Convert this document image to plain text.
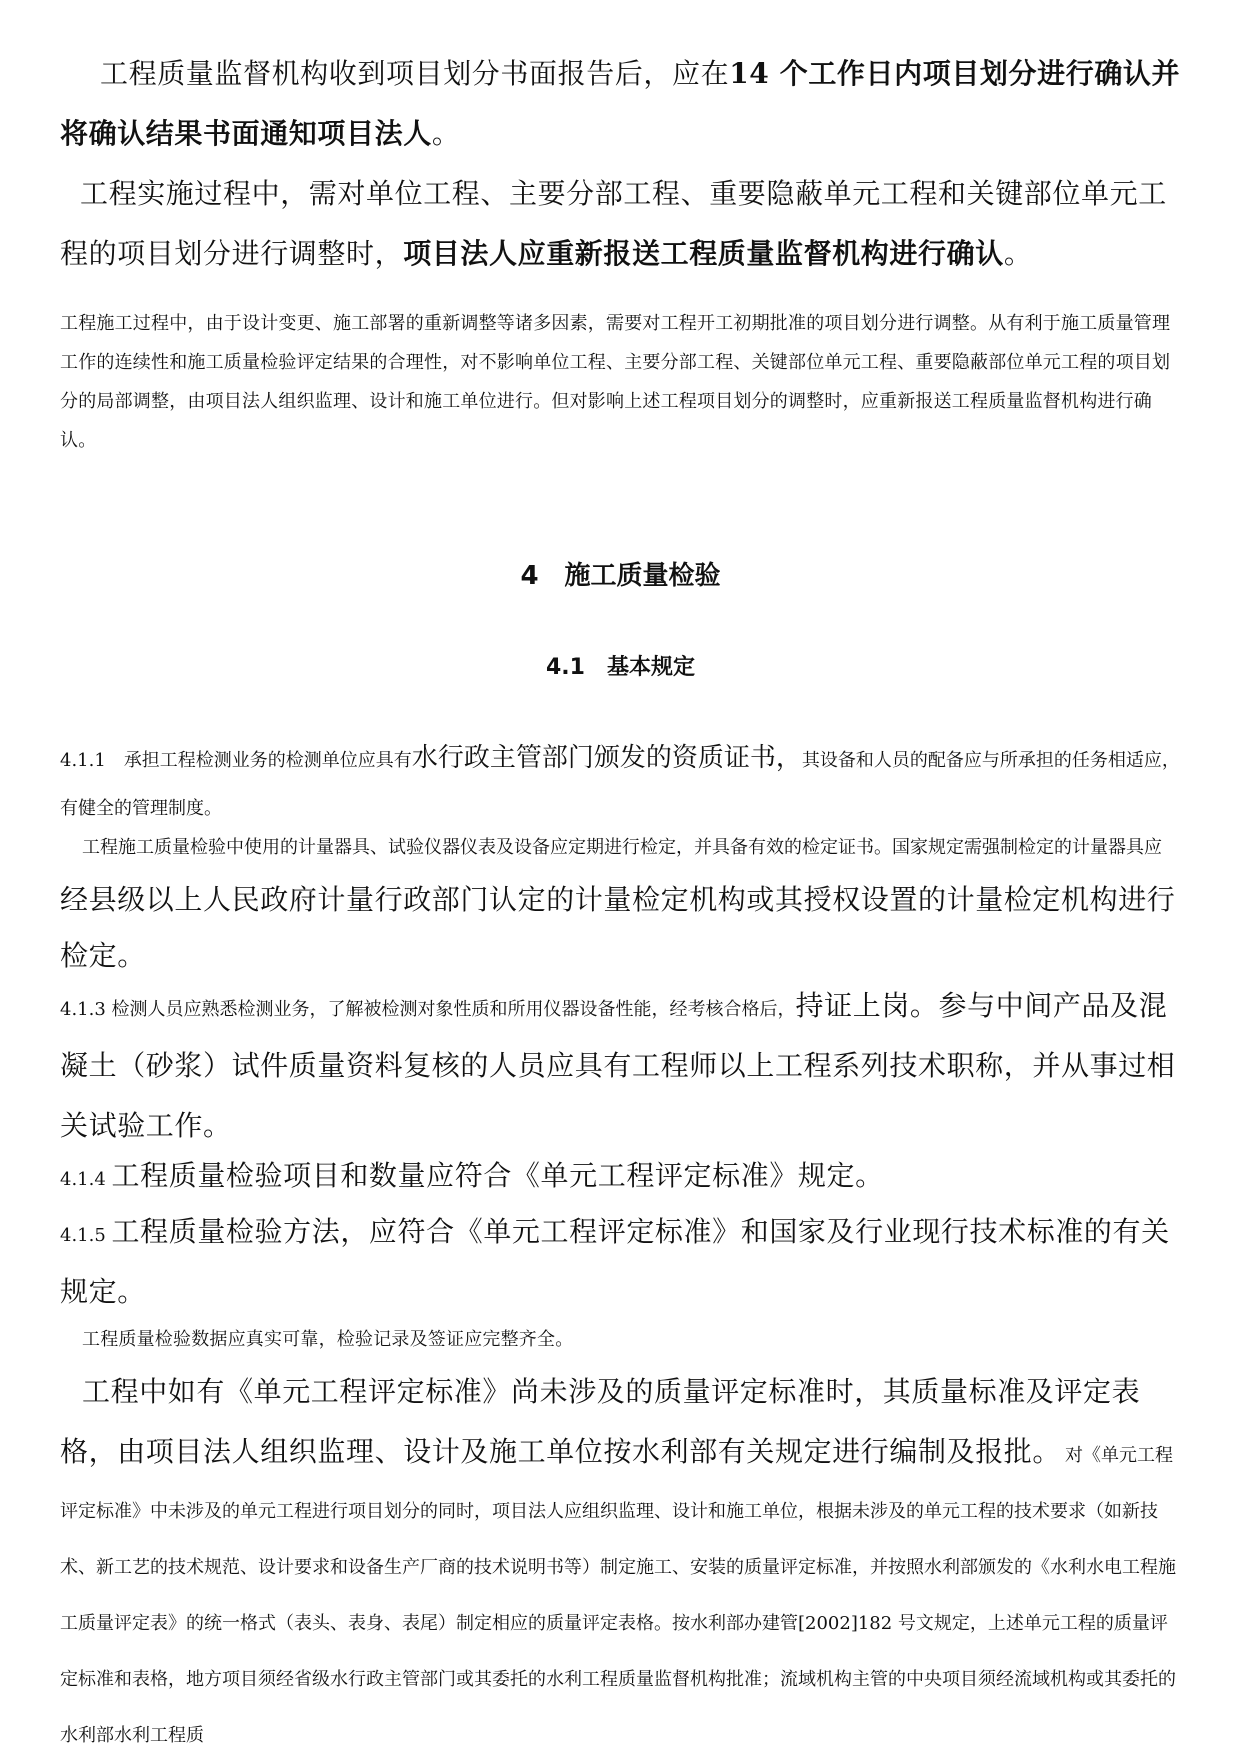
工程质量监督机构收到项目划分书面报告后，应在14 个工作日内项目划分进行确认并将确认结果书面通知项目法人。

工程实施过程中，需对单位工程、主要分部工程、重要隐蔽单元工程和关键部位单元工程的项目划分进行调整时，项目法人应重新报送工程质量监督机构进行确认。

工程施工过程中，由于设计变更、施工部署的重新调整等诸多因素，需要对工程开工初期批准的项目划分进行调整。从有利于施工质量管理工作的连续性和施工质量检验评定结果的合理性，对不影响单位工程、主要分部工程、关键部位单元工程、重要隐蔽部位单元工程的项目划分的局部调整，由项目法人组织监理、设计和施工单位进行。但对影响上述工程项目划分的调整时，应重新报送工程质量监督机构进行确认。

4　施工质量检验
4.1　基本规定

4.1.1　承担工程检测业务的检测单位应具有水行政主管部门颁发的资质证书，其设备和人员的配备应与所承担的任务相适应，有健全的管理制度。

工程施工质量检验中使用的计量器具、试验仪器仪表及设备应定期进行检定，并具备有效的检定证书。国家规定需强制检定的计量器具应经县级以上人民政府计量行政部门认定的计量检定机构或其授权设置的计量检定机构进行检定。

4.1.3 检测人员应熟悉检测业务，了解被检测对象性质和所用仪器设备性能，经考核合格后，持证上岗。参与中间产品及混凝土（砂浆）试件质量资料复核的人员应具有工程师以上工程系列技术职称，并从事过相关试验工作。

4.1.4 工程质量检验项目和数量应符合《单元工程评定标准》规定。

4.1.5 工程质量检验方法，应符合《单元工程评定标准》和国家及行业现行技术标准的有关规定。

工程质量检验数据应真实可靠，检验记录及签证应完整齐全。

工程中如有《单元工程评定标准》尚未涉及的质量评定标准时，其质量标准及评定表格，由项目法人组织监理、设计及施工单位按水利部有关规定进行编制及报批。　 对《单元工程评定标准》中未涉及的单元工程进行项目划分的同时，项目法人应组织监理、设计和施工单位，根据未涉及的单元工程的技术要求（如新技术、新工艺的技术规范、设计要求和设备生产厂商的技术说明书等）制定施工、安装的质量评定标准，并按照水利部颁发的《水利水电工程施工质量评定表》的统一格式（表头、表身、表尾）制定相应的质量评定表格。按水利部办建管[2002]182 号文规定，上述单元工程的质量评定标准和表格，地方项目须经省级水行政主管部门或其委托的水利工程质量监督机构批准；流域机构主管的中央项目须经流域机构或其委托的水利部水利工程质
